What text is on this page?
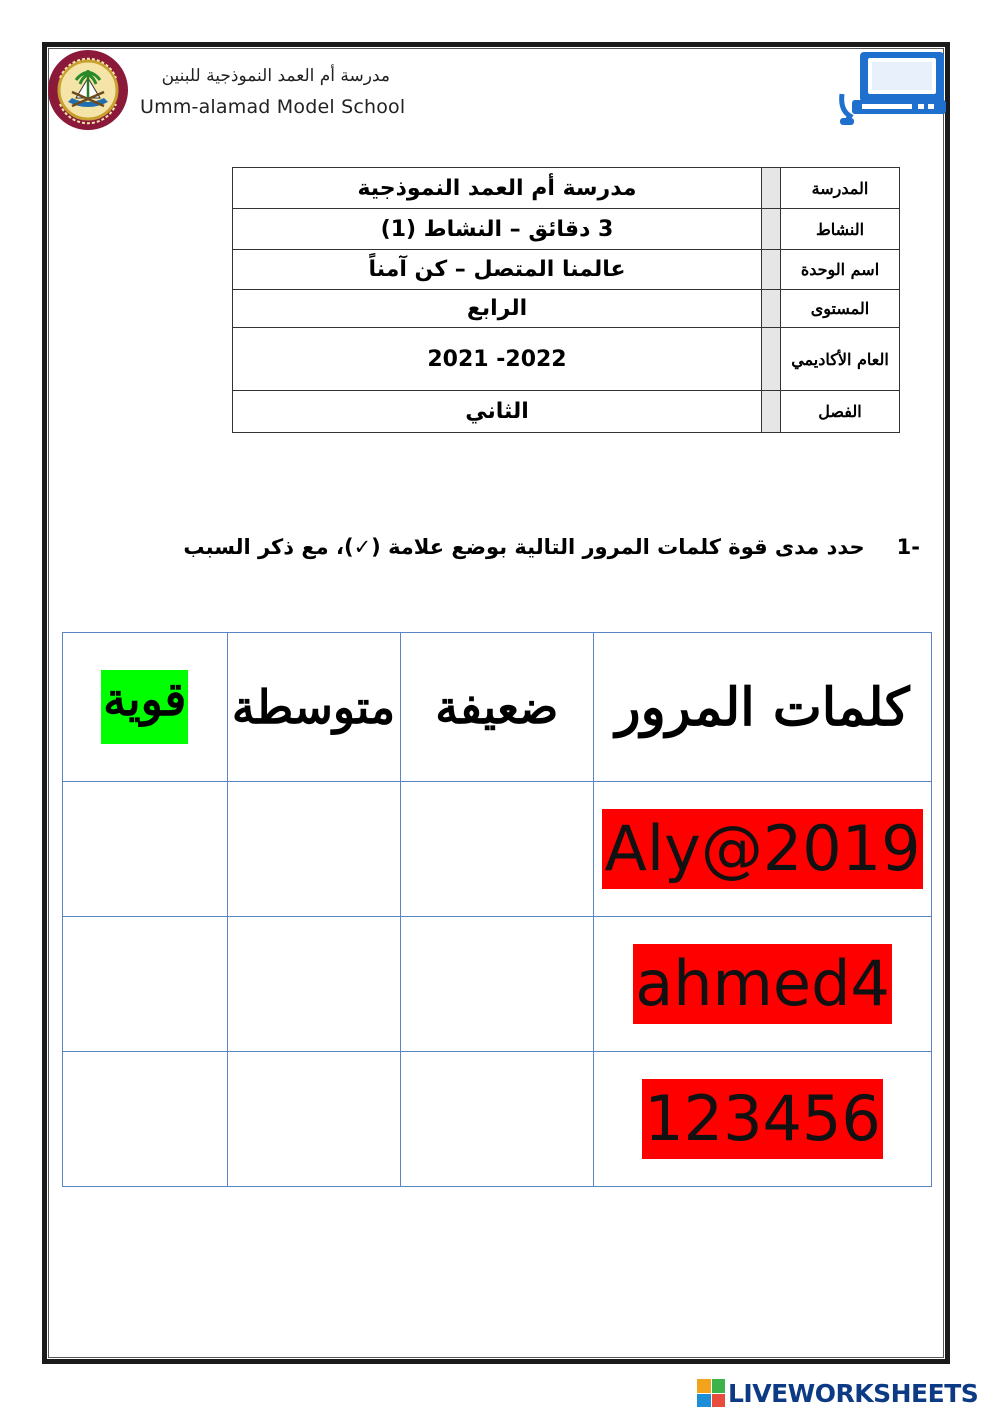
مدرسة أم العمد النموذجية للبنين
Umm-alamad Model School
المدرسة		مدرسة أم العمد النموذجية
النشاط		3 دقائق – النشاط (1)
اسم الوحدة		عالمنا المتصل – كن آمناً
المستوى		الرابع
العام الأكاديمي		2021 -2022
الفصل		الثاني
-1حدد مدى قوة كلمات المرور التالية بوضع علامة (✓)، مع ذكر السبب
كلمات المرور	ضعيفة	متوسطة	قوية
Aly@2019			
ahmed4			
123456			
LIVEWORKSHEETS
